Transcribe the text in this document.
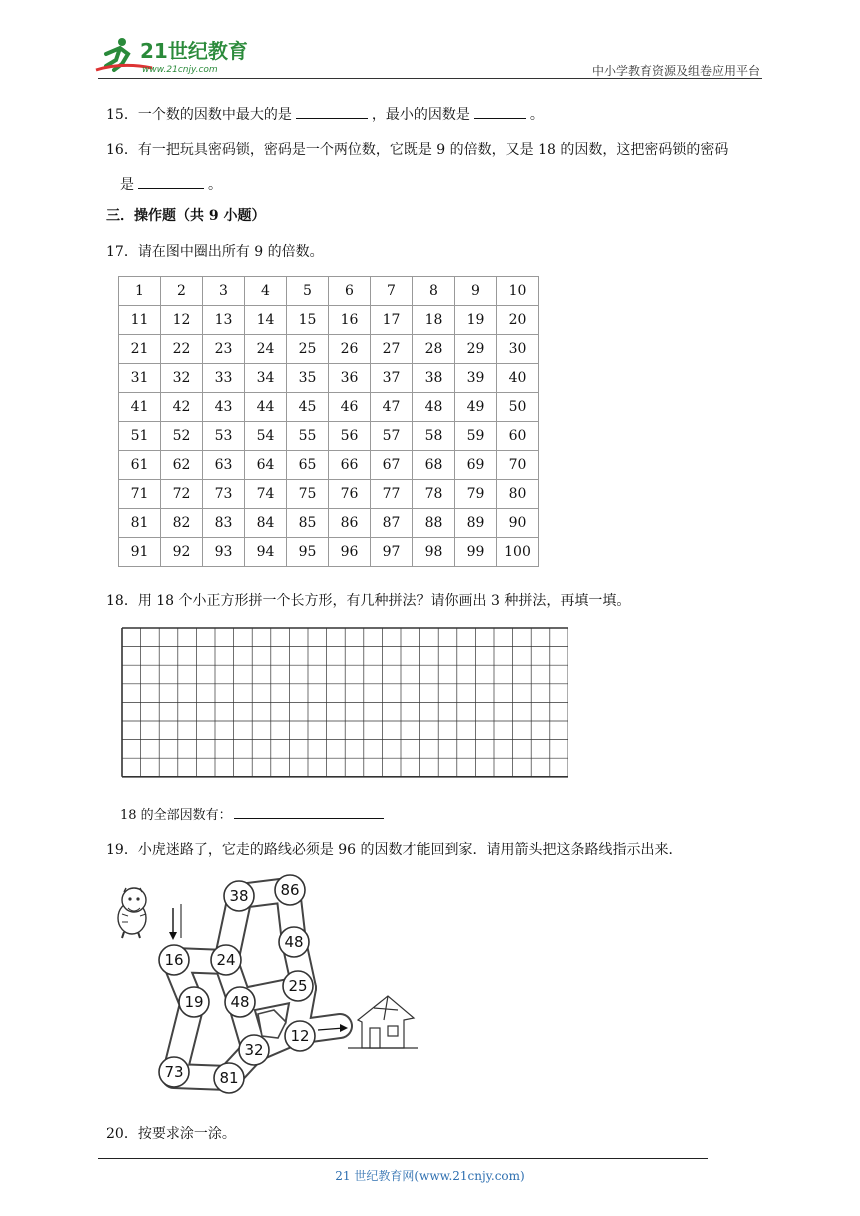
21世纪教育
www.21cnjy.com	中小学教育资源及组卷应用平台
15．一个数的因数中最大的是	，最小的因数是	。
16．有一把玩具密码锁，密码是一个两位数，它既是 9 的倍数，又是 18 的因数，这把密码锁的密码
是	。
三．操作题（共 9 小题）
17．请在图中圈出所有 9 的倍数。
1	2	3	4	5	6	7	8	9	10
11	12	13	14	15	16	17	18	19	20
21	22	23	24	25	26	27	28	29	30
31	32	33	34	35	36	37	38	39	40
41	42	43	44	45	46	47	48	49	50
51	52	53	54	55	56	57	58	59	60
61	62	63	64	65	66	67	68	69	70
71	72	73	74	75	76	77	78	79	80
81	82	83	84	85	86	87	88	89	90
91	92	93	94	95	96	97	98	99	100
18．用 18 个小正方形拼一个长方形，有几种拼法？请你画出 3 种拼法，再填一填。
18 的全部因数有：
19．小虎迷路了，它走的路线必须是 96 的因数才能回到家．请用箭头把这条路线指示出来．
16 24
38 86
48
25
48
19
12
32
73 81
20．按要求涂一涂。
21 世纪教育网(www.21cnjy.com)
